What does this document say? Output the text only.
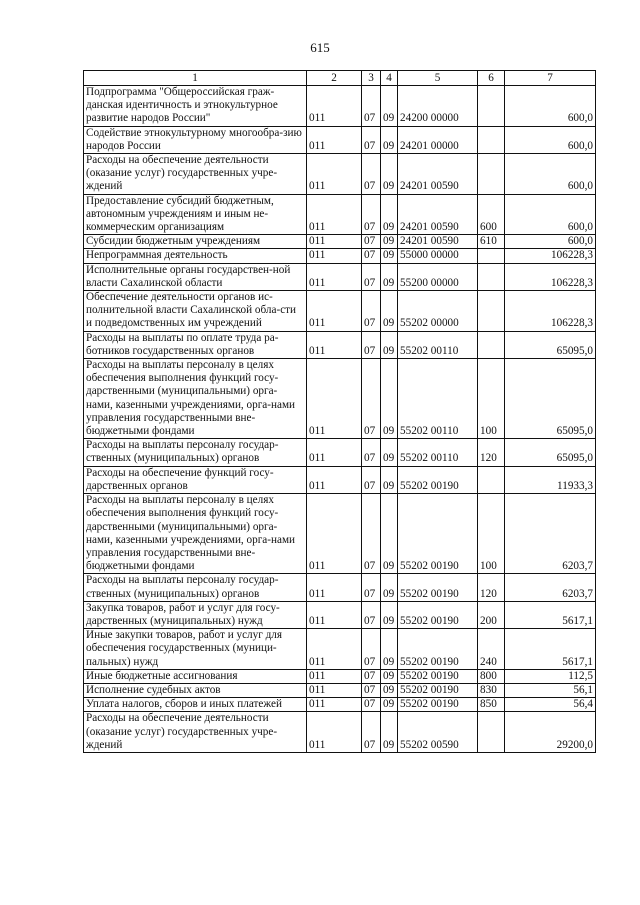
615
1	2	3	4	5	6	7
Подпрограмма "Общероссийская граж-данская идентичность и этнокультурное развитие народов России"	011	07	09	24200 00000		600,0
Содействие этнокультурному многообра-зию народов России	011	07	09	24201 00000		600,0
Расходы на обеспечение деятельности (оказание услуг) государственных учре-ждений	011	07	09	24201 00590		600,0
Предоставление субсидий бюджетным, автономным учреждениям и иным не-коммерческим организациям	011	07	09	24201 00590	600	600,0
Субсидии бюджетным учреждениям	011	07	09	24201 00590	610	600,0
Непрограммная деятельность	011	07	09	55000 00000		106228,3
Исполнительные органы государствен-ной власти Сахалинской области	011	07	09	55200 00000		106228,3
Обеспечение деятельности органов ис-полнительной власти Сахалинской обла-сти и подведомственных им учреждений	011	07	09	55202 00000		106228,3
Расходы на выплаты по оплате труда ра-ботников государственных органов	011	07	09	55202 00110		65095,0
Расходы на выплаты персоналу в целях обеспечения выполнения функций госу-дарственными (муниципальными) орга-нами, казенными учреждениями, орга-нами управления государственными вне-бюджетными фондами	011	07	09	55202 00110	100	65095,0
Расходы на выплаты персоналу государ-ственных (муниципальных) органов	011	07	09	55202 00110	120	65095,0
Расходы на обеспечение функций госу-дарственных органов	011	07	09	55202 00190		11933,3
Расходы на выплаты персоналу в целях обеспечения выполнения функций госу-дарственными (муниципальными) орга-нами, казенными учреждениями, орга-нами управления государственными вне-бюджетными фондами	011	07	09	55202 00190	100	6203,7
Расходы на выплаты персоналу государ-ственных (муниципальных) органов	011	07	09	55202 00190	120	6203,7
Закупка товаров, работ и услуг для госу-дарственных (муниципальных) нужд	011	07	09	55202 00190	200	5617,1
Иные закупки товаров, работ и услуг для обеспечения государственных (муници-пальных) нужд	011	07	09	55202 00190	240	5617,1
Иные бюджетные ассигнования	011	07	09	55202 00190	800	112,5
Исполнение судебных актов	011	07	09	55202 00190	830	56,1
Уплата налогов, сборов и иных платежей	011	07	09	55202 00190	850	56,4
Расходы на обеспечение деятельности (оказание услуг) государственных учре-ждений	011	07	09	55202 00590		29200,0
